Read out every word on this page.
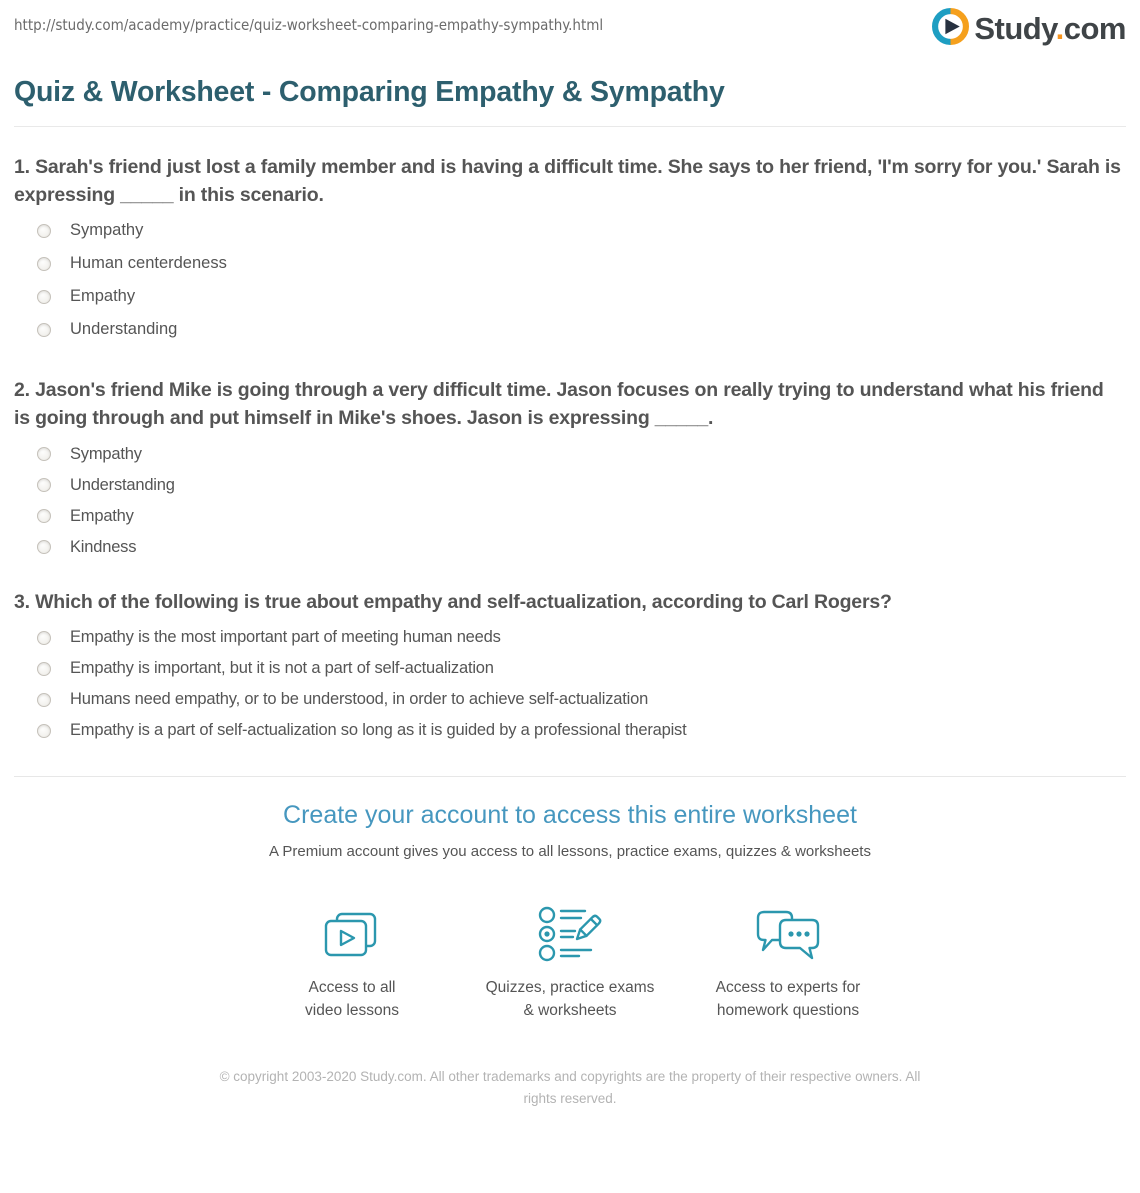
http://study.com/academy/practice/quiz-worksheet-comparing-empathy-sympathy.html	Study.com
Quiz & Worksheet - Comparing Empathy & Sympathy

1. Sarah's friend just lost a family member and is having a difficult time. She says to her friend, 'I'm sorry for you.' Sarah is expressing _____ in this scenario.

Sympathy
Human centerdeness
Empathy
Understanding

2. Jason's friend Mike is going through a very difficult time. Jason focuses on really trying to understand what his friend is going through and put himself in Mike's shoes. Jason is expressing _____.

Sympathy
Understanding
Empathy
Kindness

3. Which of the following is true about empathy and self-actualization, according to Carl Rogers?

Empathy is the most important part of meeting human needs
Empathy is important, but it is not a part of self-actualization
Humans need empathy, or to be understood, in order to achieve self-actualization
Empathy is a part of self-actualization so long as it is guided by a professional therapist
Create your account to access this entire worksheet

A Premium account gives you access to all lessons, practice exams, quizzes & worksheets

Access to all
video lessons
Quizzes, practice exams
& worksheets
Access to experts for
homework questions

© copyright 2003-2020 Study.com. All other trademarks and copyrights are the property of their respective owners. All rights reserved.
